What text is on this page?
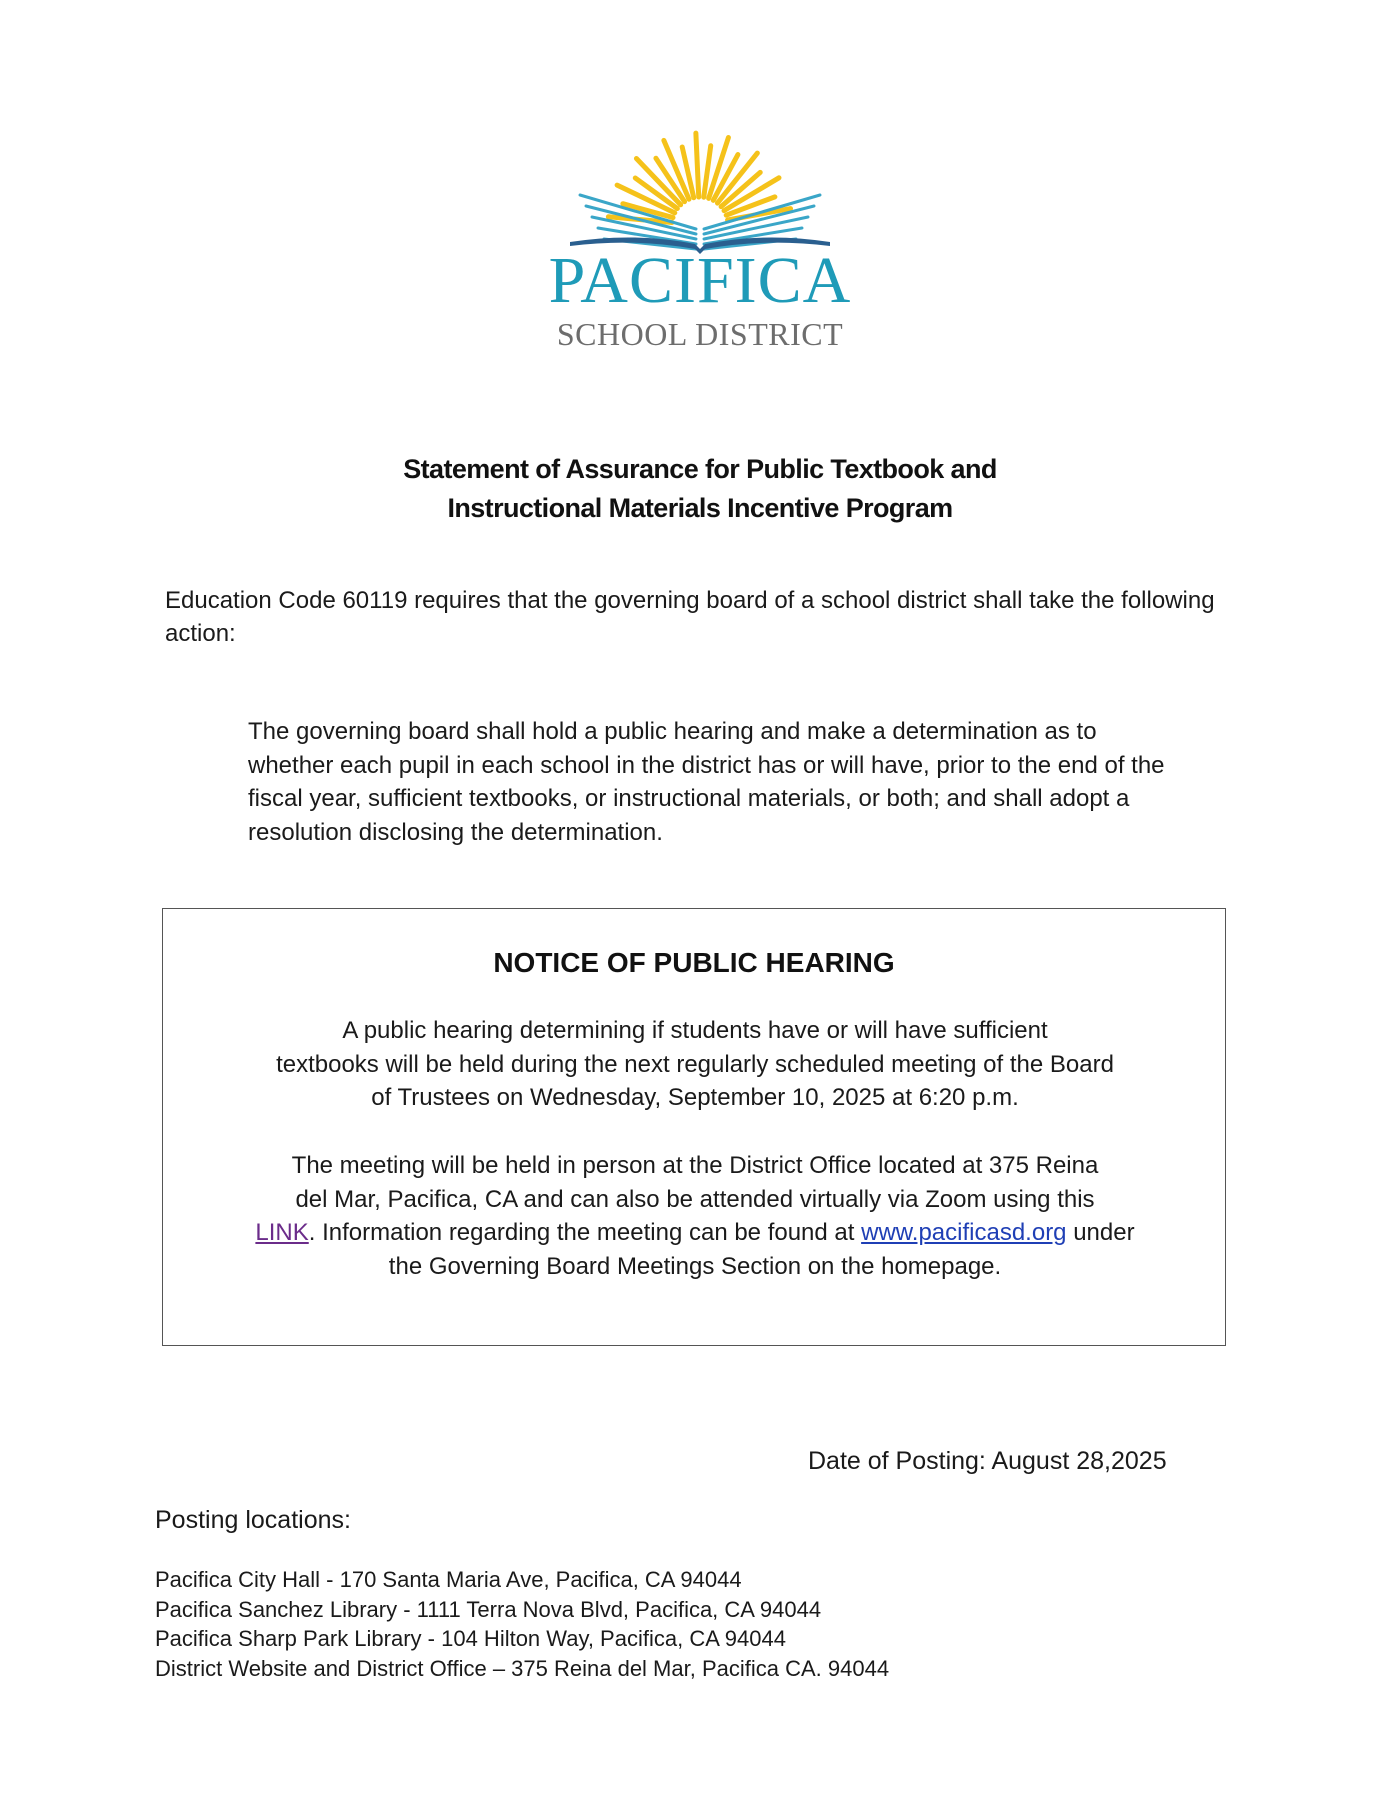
PACIFICA
SCHOOL DISTRICT
Statement of Assurance for Public Textbook and
Instructional Materials Incentive Program
Education Code 60119 requires that the governing board of a school district shall take the following action:
The governing board shall hold a public hearing and make a determination as to whether each pupil in each school in the district has or will have, prior to the end of the fiscal year, sufficient textbooks, or instructional materials, or both; and shall adopt a resolution disclosing the determination.
NOTICE OF PUBLIC HEARING
A public hearing determining if students have or will have sufficient
textbooks will be held during the next regularly scheduled meeting of the Board
of Trustees on Wednesday, September 10, 2025 at 6:20 p.m.
The meeting will be held in person at the District Office located at 375 Reina
del Mar, Pacifica, CA and can also be attended virtually via Zoom using this
LINK. Information regarding the meeting can be found at www.pacificasd.org under
the Governing Board Meetings Section on the homepage.
Date of Posting: August 28,2025
Posting locations:
Pacifica City Hall - 170 Santa Maria Ave, Pacifica, CA 94044
Pacifica Sanchez Library - 1111 Terra Nova Blvd, Pacifica, CA 94044
Pacifica Sharp Park Library - 104 Hilton Way, Pacifica, CA 94044
District Website and District Office – 375 Reina del Mar, Pacifica CA. 94044
